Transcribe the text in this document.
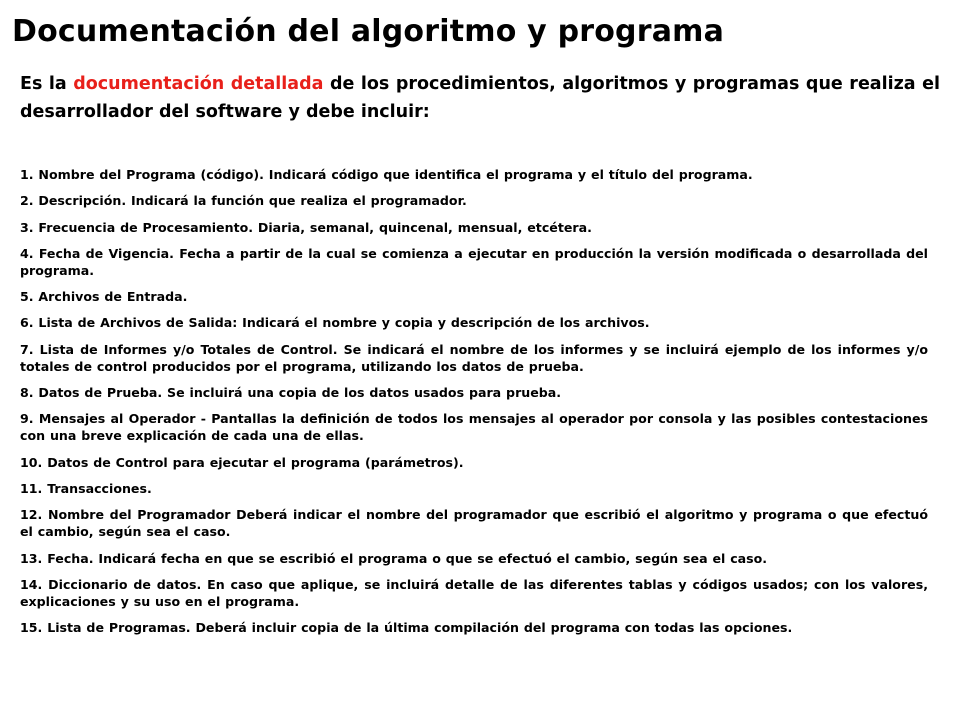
Documentación del algoritmo y programa

Es la documentación detallada de los procedimientos, algoritmos y programas que realiza el desarrollador del software y debe incluir:

1. Nombre del Programa (código). Indicará código que identifica el programa y el título del programa.
2. Descripción. Indicará la función que realiza el programador.
3. Frecuencia de Procesamiento. Diaria, semanal, quincenal, mensual, etcétera.
4. Fecha de Vigencia. Fecha a partir de la cual se comienza a ejecutar en producción la versión modificada o desarrollada del programa.
5. Archivos de Entrada.
6. Lista de Archivos de Salida: Indicará el nombre y copia y descripción de los archivos.
7. Lista de Informes y/o Totales de Control. Se indicará el nombre de los informes y se incluirá ejemplo de los informes y/o totales de control producidos por el programa, utilizando los datos de prueba.
8. Datos de Prueba. Se incluirá una copia de los datos usados para prueba.
9. Mensajes al Operador - Pantallas la definición de todos los mensajes al operador por consola y las posibles contestaciones con una breve explicación de cada una de ellas.
10. Datos de Control para ejecutar el programa (parámetros).
11. Transacciones.
12. Nombre del Programador Deberá indicar el nombre del programador que escribió el algoritmo y programa o que efectuó el cambio, según sea el caso.
13. Fecha. Indicará fecha en que se escribió el programa o que se efectuó el cambio, según sea el caso.
14. Diccionario de datos. En caso que aplique, se incluirá detalle de las diferentes tablas y códigos usados; con los valores, explicaciones y su uso en el programa.
15. Lista de Programas. Deberá incluir copia de la última compilación del programa con todas las opciones.
